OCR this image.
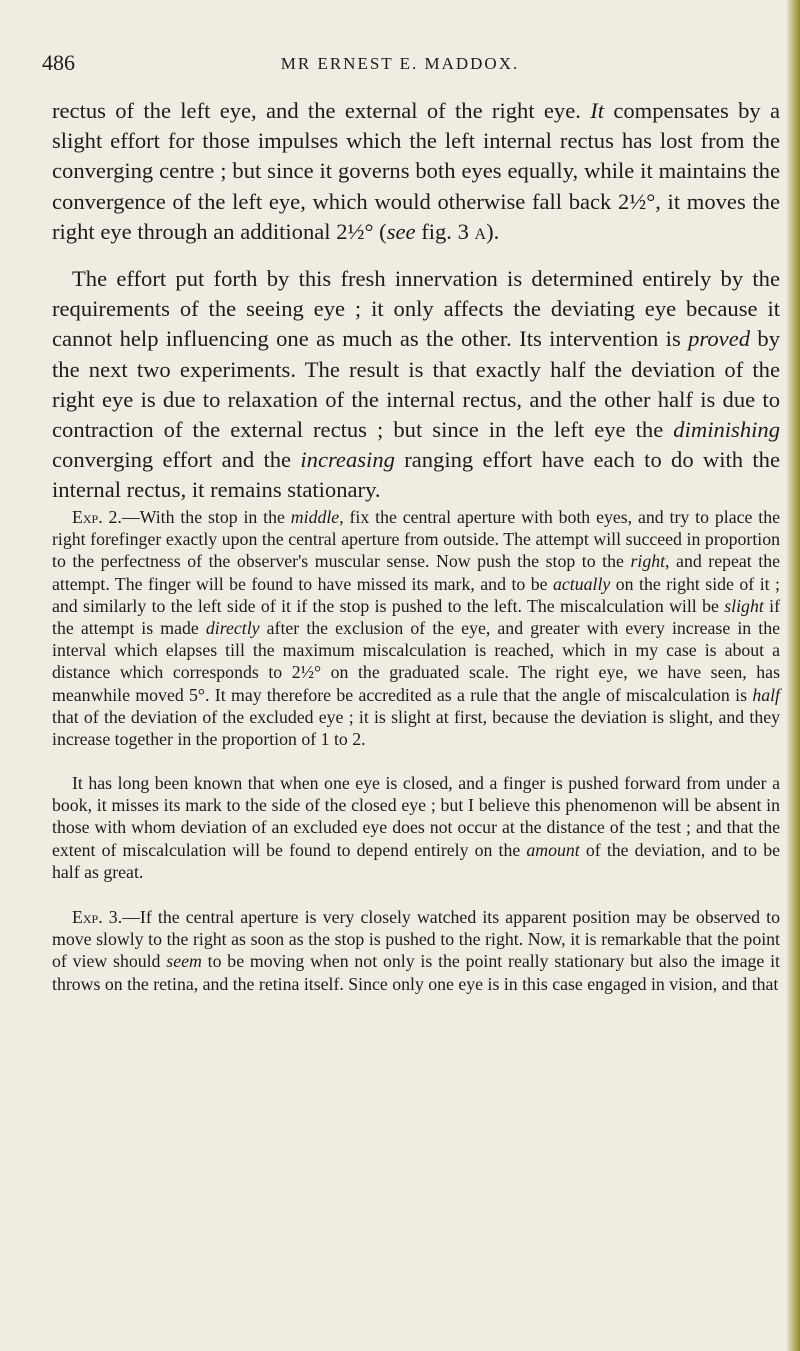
486	MR ERNEST E. MADDOX.

rectus of the left eye, and the external of the right eye. It compensates by a slight effort for those impulses which the left internal rectus has lost from the converging centre ; but since it governs both eyes equally, while it maintains the convergence of the left eye, which would otherwise fall back 2½°, it moves the right eye through an additional 2½° (see fig. 3 a).

The effort put forth by this fresh innervation is determined entirely by the requirements of the seeing eye ; it only affects the deviating eye because it cannot help influencing one as much as the other. Its intervention is proved by the next two experiments. The result is that exactly half the deviation of the right eye is due to relaxation of the internal rectus, and the other half is due to contraction of the external rectus ; but since in the left eye the diminishing converging effort and the increasing ranging effort have each to do with the internal rectus, it remains stationary.

Exp. 2.—With the stop in the middle, fix the central aperture with both eyes, and try to place the right forefinger exactly upon the central aperture from outside. The attempt will succeed in proportion to the perfectness of the observer's muscular sense. Now push the stop to the right, and repeat the attempt. The finger will be found to have missed its mark, and to be actually on the right side of it ; and similarly to the left side of it if the stop is pushed to the left. The miscalculation will be slight if the attempt is made directly after the exclusion of the eye, and greater with every increase in the interval which elapses till the maximum miscalculation is reached, which in my case is about a distance which corresponds to 2½° on the graduated scale. The right eye, we have seen, has meanwhile moved 5°. It may therefore be accredited as a rule that the angle of miscalculation is half that of the deviation of the excluded eye ; it is slight at first, because the deviation is slight, and they increase together in the proportion of 1 to 2.

It has long been known that when one eye is closed, and a finger is pushed forward from under a book, it misses its mark to the side of the closed eye ; but I believe this phenomenon will be absent in those with whom deviation of an excluded eye does not occur at the distance of the test ; and that the extent of miscalculation will be found to depend entirely on the amount of the deviation, and to be half as great.

Exp. 3.—If the central aperture is very closely watched its apparent position may be observed to move slowly to the right as soon as the stop is pushed to the right. Now, it is remarkable that the point of view should seem to be moving when not only is the point really stationary but also the image it throws on the retina, and the retina itself. Since only one eye is in this case engaged in vision, and that
